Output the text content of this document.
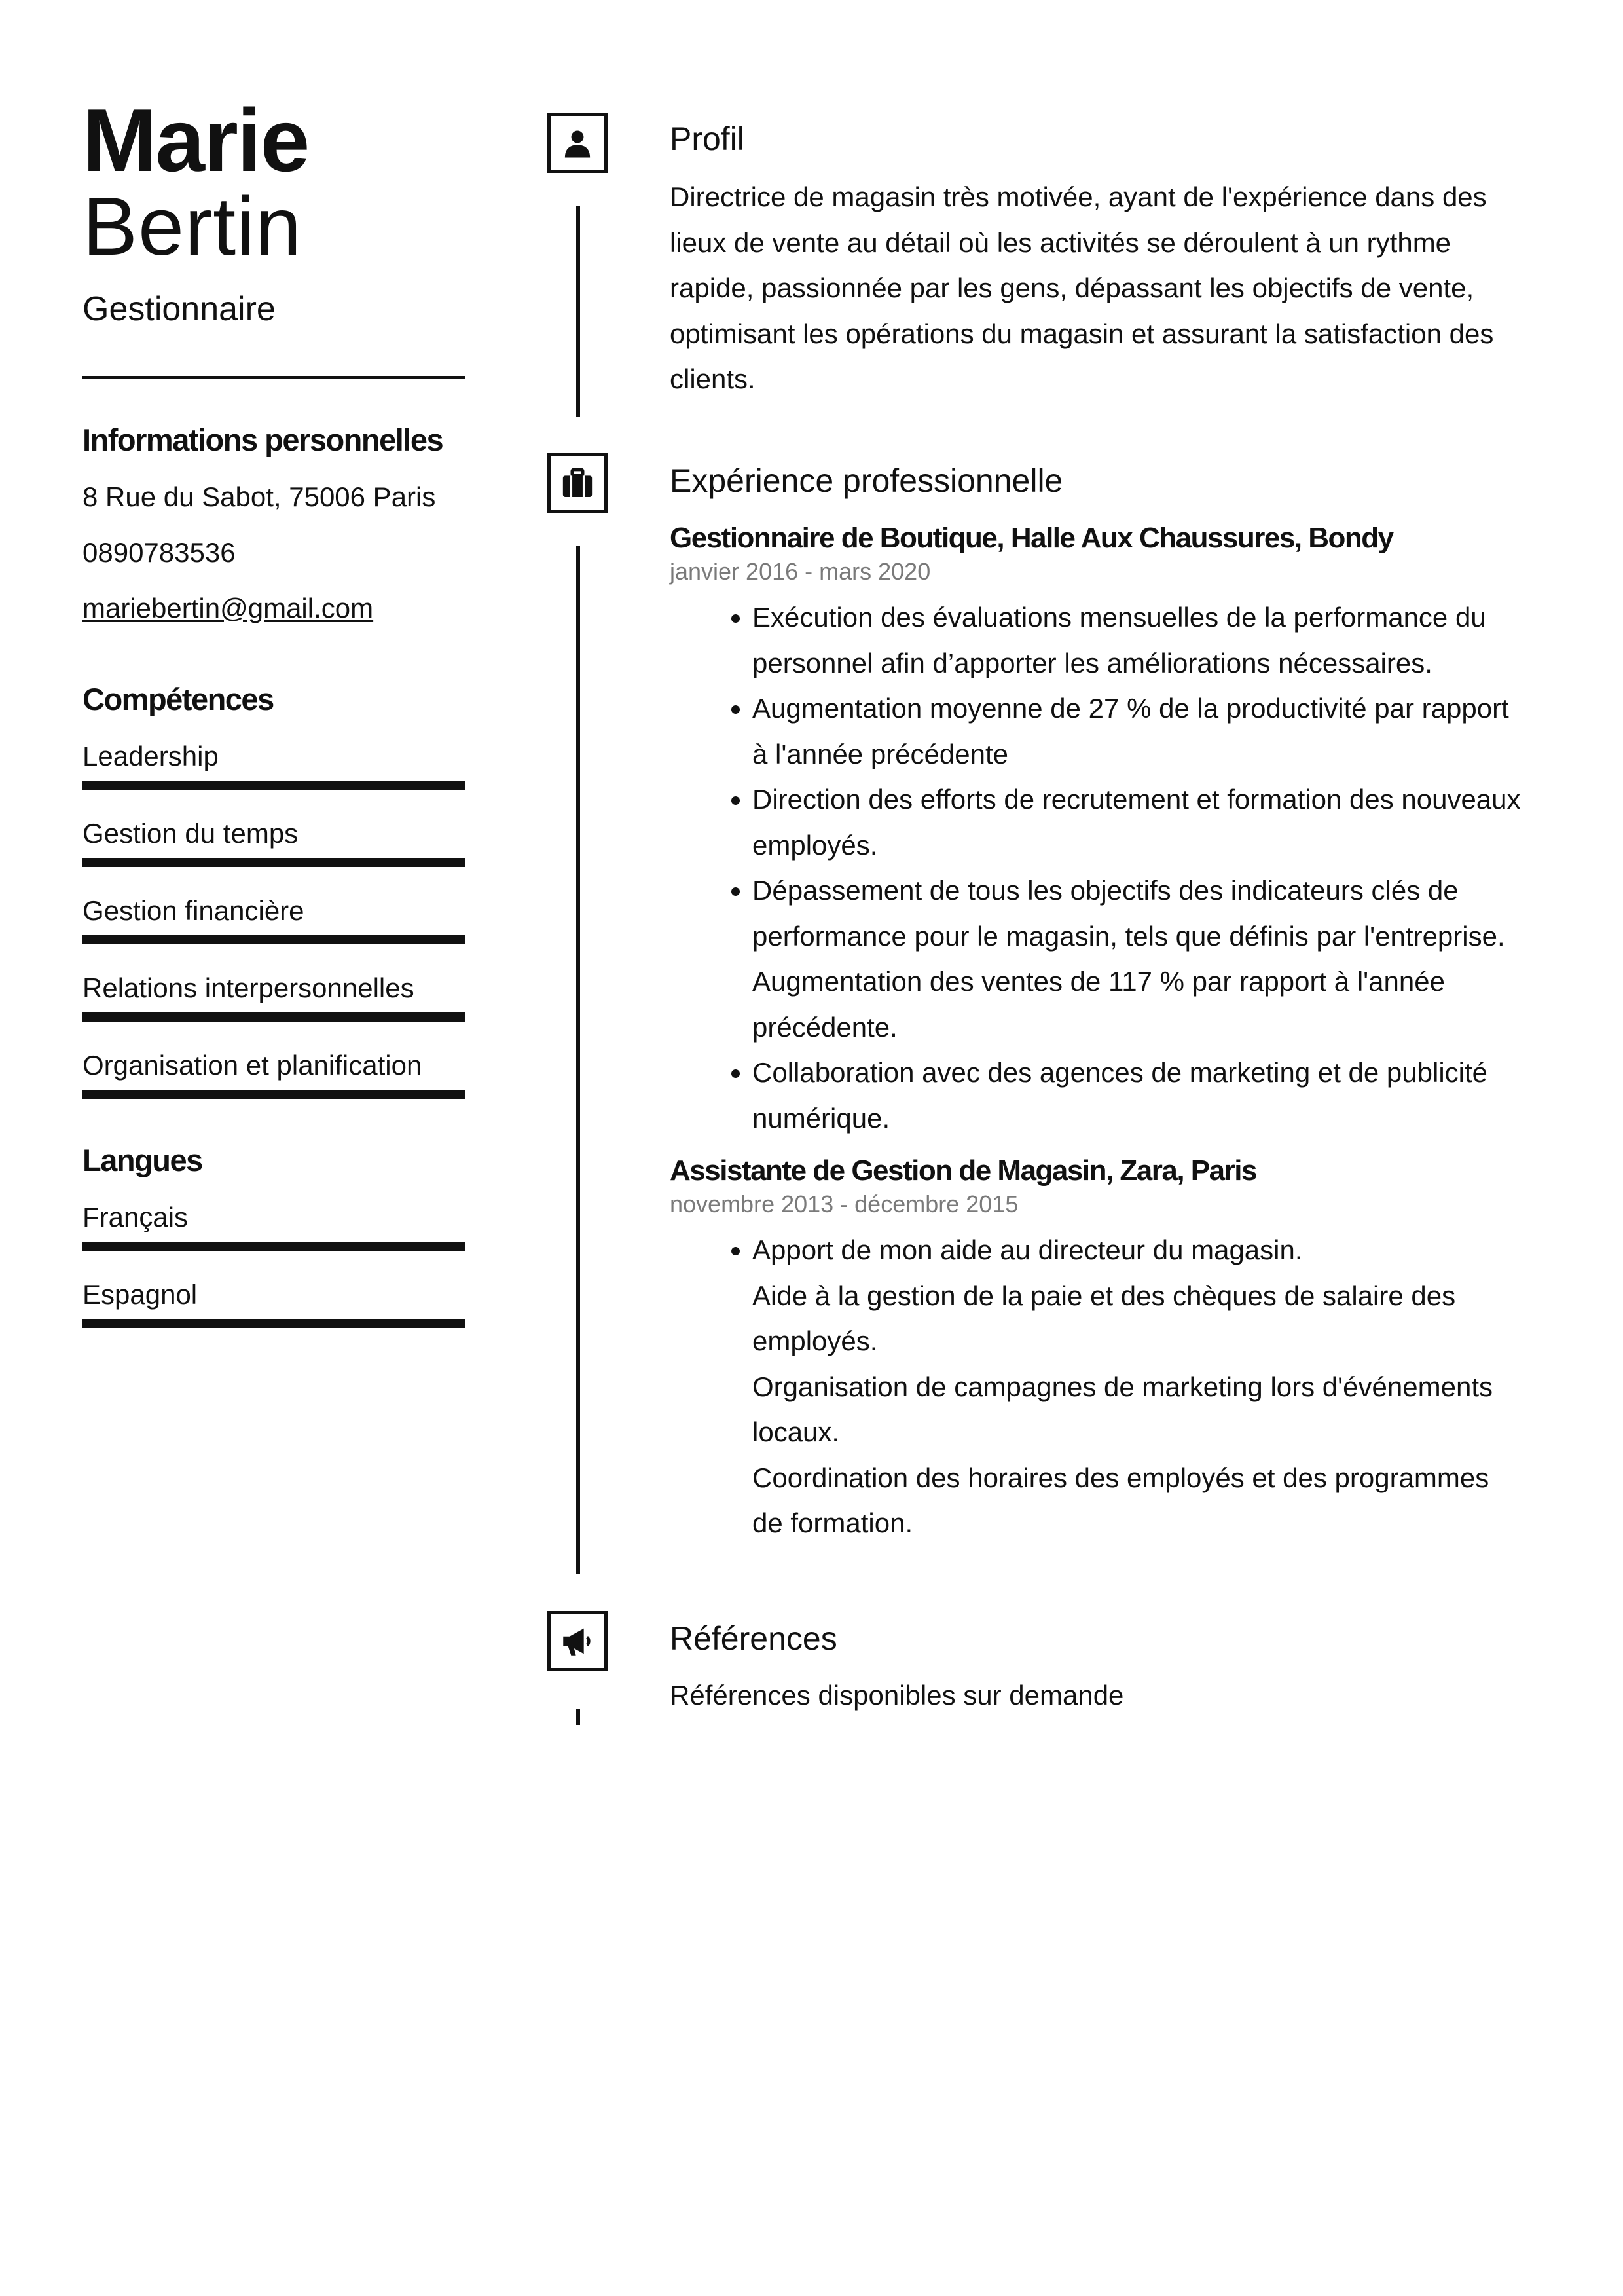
Marie
Bertin
Gestionnaire
Informations personnelles
8 Rue du Sabot, 75006 Paris
0890783536
mariebertin@gmail.com
Compétences
Leadership
Gestion du temps
Gestion financière
Relations interpersonnelles
Organisation et planification
Langues
Français
Espagnol
Profil
Directrice de magasin très motivée, ayant de l'expérience dans des lieux de vente au détail où les activités se déroulent à un rythme rapide, passionnée par les gens, dépassant les objectifs de vente, optimisant les opérations du magasin et assurant la satisfaction des clients.
Expérience professionnelle
Gestionnaire de Boutique, Halle Aux Chaussures, Bondy
janvier 2016 - mars 2020
• Exécution des évaluations mensuelles de la performance du personnel afin d’apporter les améliorations nécessaires.
• Augmentation moyenne de 27 % de la productivité par rapport à l'année précédente
• Direction des efforts de recrutement et formation des nouveaux employés.
• Dépassement de tous les objectifs des indicateurs clés de performance pour le magasin, tels que définis par l'entreprise. Augmentation des ventes de 117 % par rapport à l'année précédente.
• Collaboration avec des agences de marketing et de publicité numérique.
Assistante de Gestion de Magasin, Zara, Paris
novembre 2013 - décembre 2015
• Apport de mon aide au directeur du magasin.
Aide à la gestion de la paie et des chèques de salaire des employés.
Organisation de campagnes de marketing lors d'événements locaux.
Coordination des horaires des employés et des programmes de formation.
Références
Références disponibles sur demande
